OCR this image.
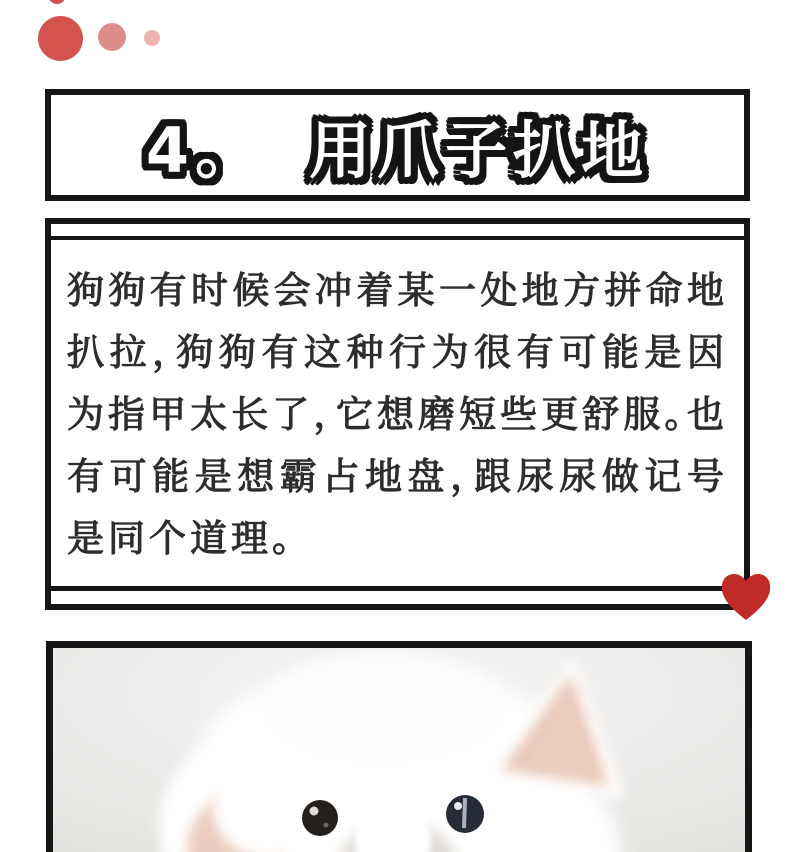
4。 用爪子扒地

狗狗有时候会冲着某一处地方拼命地扒拉，狗狗有这种行为很有可能是因为指甲太长了，它想磨短些更舒服。也有可能是想霸占地盘，跟尿尿做记号是同个道理。
